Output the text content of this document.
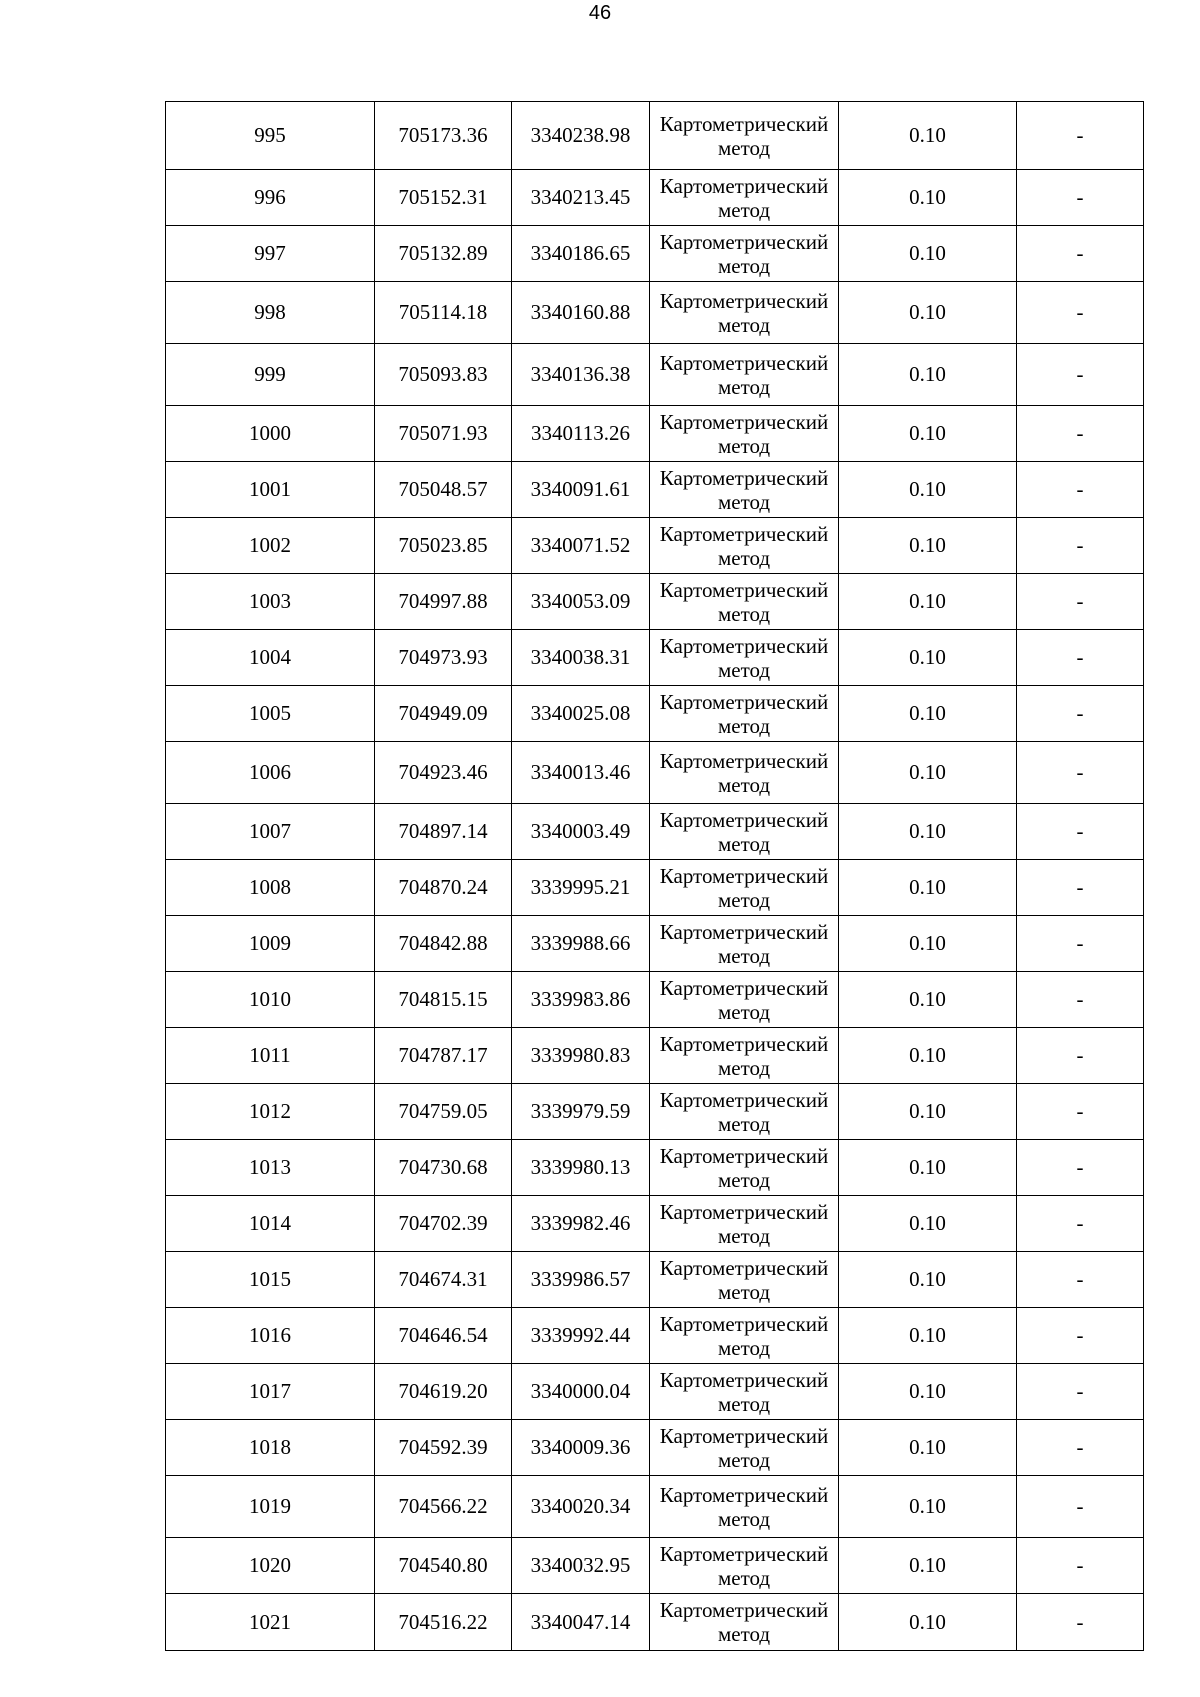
46
995	705173.36	3340238.98	Картометрический метод	0.10	-
996	705152.31	3340213.45	Картометрический метод	0.10	-
997	705132.89	3340186.65	Картометрический метод	0.10	-
998	705114.18	3340160.88	Картометрический метод	0.10	-
999	705093.83	3340136.38	Картометрический метод	0.10	-
1000	705071.93	3340113.26	Картометрический метод	0.10	-
1001	705048.57	3340091.61	Картометрический метод	0.10	-
1002	705023.85	3340071.52	Картометрический метод	0.10	-
1003	704997.88	3340053.09	Картометрический метод	0.10	-
1004	704973.93	3340038.31	Картометрический метод	0.10	-
1005	704949.09	3340025.08	Картометрический метод	0.10	-
1006	704923.46	3340013.46	Картометрический метод	0.10	-
1007	704897.14	3340003.49	Картометрический метод	0.10	-
1008	704870.24	3339995.21	Картометрический метод	0.10	-
1009	704842.88	3339988.66	Картометрический метод	0.10	-
1010	704815.15	3339983.86	Картометрический метод	0.10	-
1011	704787.17	3339980.83	Картометрический метод	0.10	-
1012	704759.05	3339979.59	Картометрический метод	0.10	-
1013	704730.68	3339980.13	Картометрический метод	0.10	-
1014	704702.39	3339982.46	Картометрический метод	0.10	-
1015	704674.31	3339986.57	Картометрический метод	0.10	-
1016	704646.54	3339992.44	Картометрический метод	0.10	-
1017	704619.20	3340000.04	Картометрический метод	0.10	-
1018	704592.39	3340009.36	Картометрический метод	0.10	-
1019	704566.22	3340020.34	Картометрический метод	0.10	-
1020	704540.80	3340032.95	Картометрический метод	0.10	-
1021	704516.22	3340047.14	Картометрический метод	0.10	-
